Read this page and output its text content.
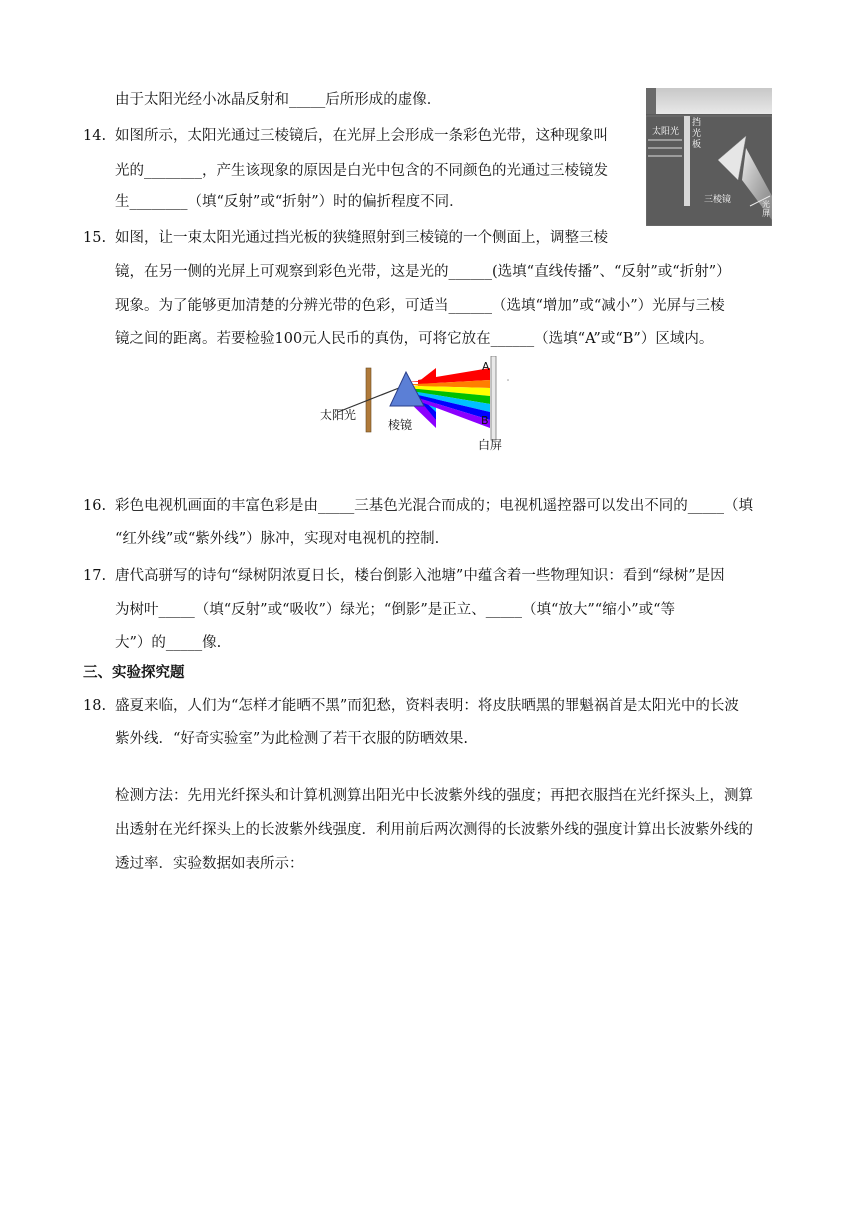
由于太阳光经小冰晶反射和_____后所形成的虚像．
14. 如图所示，太阳光通过三棱镜后，在光屏上会形成一条彩色光带，这种现象叫
光的________，产生该现象的原因是白光中包含的不同颜色的光通过三棱镜发
生________（填“反射”或“折射”）时的偏折程度不同．
太阳光
挡光板
三棱镜	光屏
15. 如图，让一束太阳光通过挡光板的狭缝照射到三棱镜的一个侧面上，调整三棱
镜，在另一侧的光屏上可观察到彩色光带，这是光的______(选填“直线传播”、“反射”或“折射”）
现象。为了能够更加清楚的分辨光带的色彩，可适当______（选填“增加”或“减小”）光屏与三棱
镜之间的距离。若要检验100元人民币的真伪，可将它放在______（选填“A”或“B”）区域内。
太阳光
棱镜
A
B
白屏
16. 彩色电视机画面的丰富色彩是由_____三基色光混合而成的；电视机遥控器可以发出不同的_____（填
“红外线”或“紫外线”）脉冲，实现对电视机的控制.
17. 唐代高骈写的诗句“绿树阴浓夏日长，楼台倒影入池塘”中蕴含着一些物理知识：看到“绿树”是因
为树叶_____（填“反射”或“吸收”）绿光；“倒影”是正立、_____（填“放大”“缩小”或“等
大”）的_____像.
三、实验探究题
18. 盛夏来临，人们为“怎样才能晒不黑”而犯愁，资料表明：将皮肤晒黑的罪魁祸首是太阳光中的长波
紫外线．“好奇实验室”为此检测了若干衣服的防晒效果.
检测方法：先用光纤探头和计算机测算出阳光中长波紫外线的强度；再把衣服挡在光纤探头上，测算
出透射在光纤探头上的长波紫外线强度．利用前后两次测得的长波紫外线的强度计算出长波紫外线的
透过率．实验数据如表所示：
